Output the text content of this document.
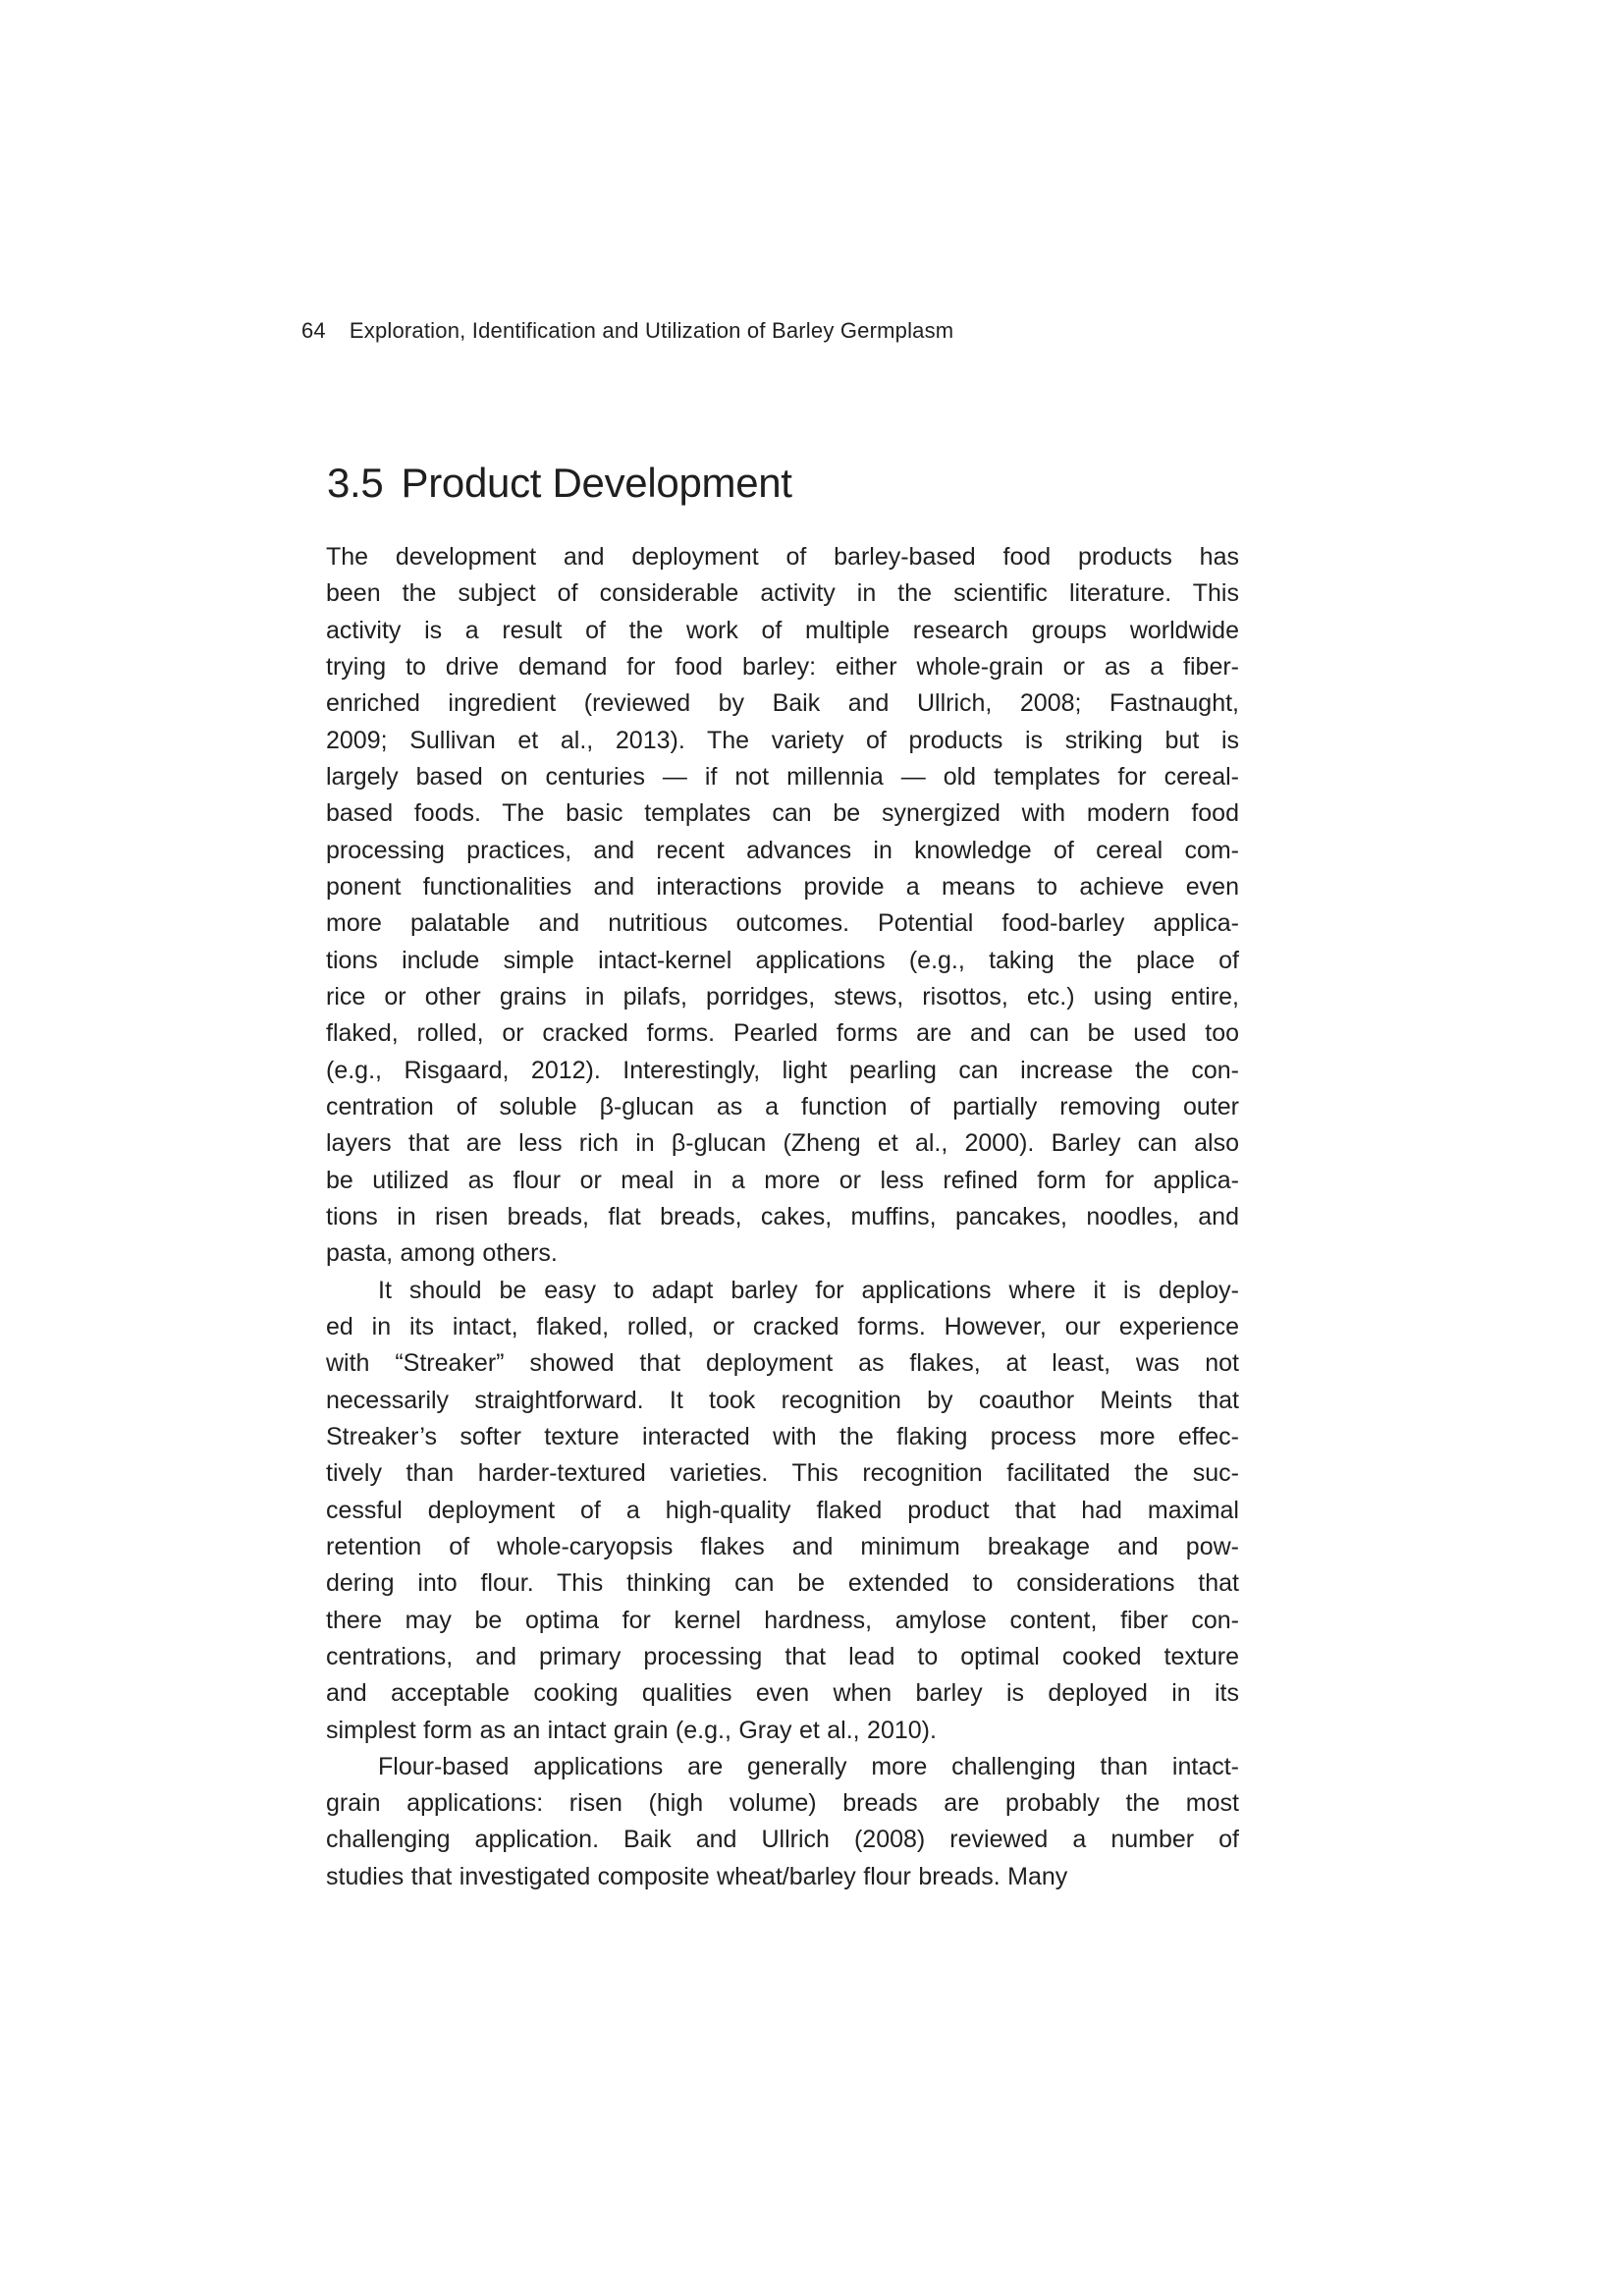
64 Exploration, Identification and Utilization of Barley Germplasm
3.5 Product Development
The development and deployment of barley-based food products has
been the subject of considerable activity in the scientific literature. This
activity is a result of the work of multiple research groups worldwide
trying to drive demand for food barley: either whole-grain or as a fiber-
enriched ingredient (reviewed by Baik and Ullrich, 2008; Fastnaught,
2009; Sullivan et al., 2013). The variety of products is striking but is
largely based on centuries — if not millennia — old templates for cereal-
based foods. The basic templates can be synergized with modern food
processing practices, and recent advances in knowledge of cereal com-
ponent functionalities and interactions provide a means to achieve even
more palatable and nutritious outcomes. Potential food-barley applica-
tions include simple intact-kernel applications (e.g., taking the place of
rice or other grains in pilafs, porridges, stews, risottos, etc.) using entire,
flaked, rolled, or cracked forms. Pearled forms are and can be used too
(e.g., Risgaard, 2012). Interestingly, light pearling can increase the con-
centration of soluble β-glucan as a function of partially removing outer
layers that are less rich in β-glucan (Zheng et al., 2000). Barley can also
be utilized as flour or meal in a more or less refined form for applica-
tions in risen breads, flat breads, cakes, muffins, pancakes, noodles, and
pasta, among others.
It should be easy to adapt barley for applications where it is deploy-
ed in its intact, flaked, rolled, or cracked forms. However, our experience
with “Streaker” showed that deployment as flakes, at least, was not
necessarily straightforward. It took recognition by coauthor Meints that
Streaker’s softer texture interacted with the flaking process more effec-
tively than harder-textured varieties. This recognition facilitated the suc-
cessful deployment of a high-quality flaked product that had maximal
retention of whole-caryopsis flakes and minimum breakage and pow-
dering into flour. This thinking can be extended to considerations that
there may be optima for kernel hardness, amylose content, fiber con-
centrations, and primary processing that lead to optimal cooked texture
and acceptable cooking qualities even when barley is deployed in its
simplest form as an intact grain (e.g., Gray et al., 2010).
Flour-based applications are generally more challenging than intact-
grain applications: risen (high volume) breads are probably the most
challenging application. Baik and Ullrich (2008) reviewed a number of
studies that investigated composite wheat/barley flour breads. Many
